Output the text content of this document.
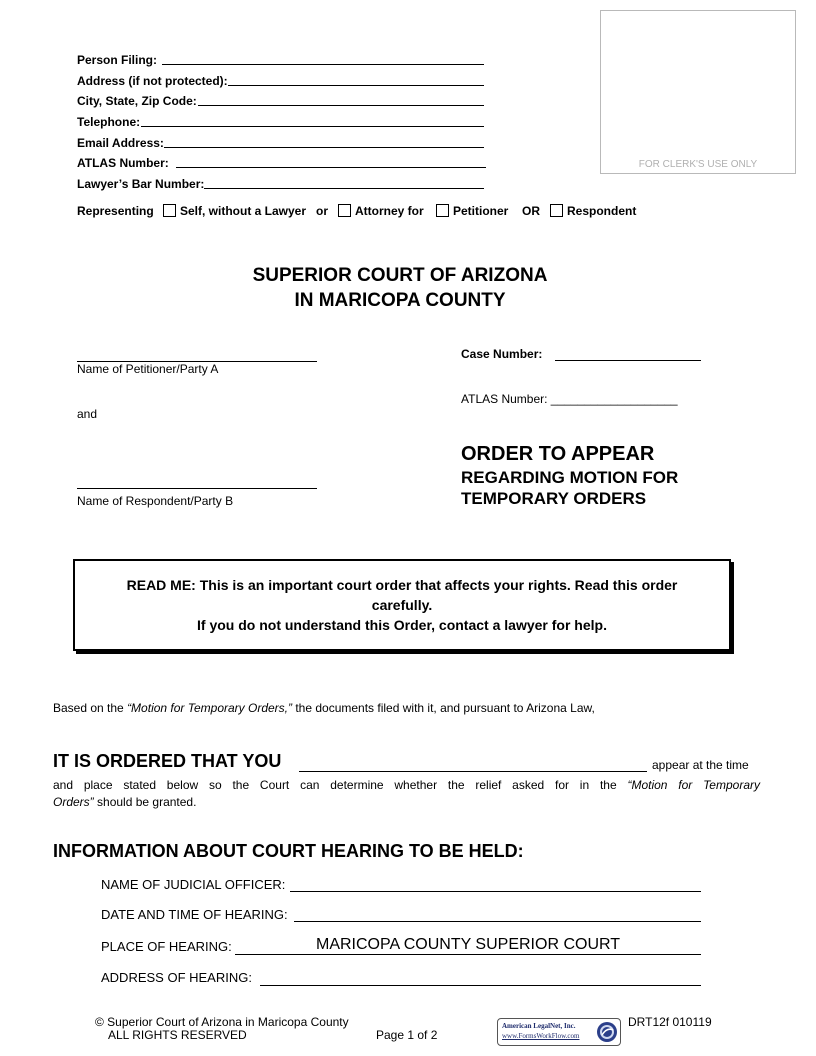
Person Filing:
Address (if not protected):
City, State, Zip Code:
Telephone:
Email Address:
ATLAS Number:
Lawyer’s Bar Number:
FOR CLERK'S USE ONLY
Representing	Self, without a Lawyer or	Attorney for	Petitioner OR	Respondent
SUPERIOR COURT OF ARIZONA
IN MARICOPA COUNTY
Name of Petitioner/Party A
and
Name of Respondent/Party B
Case Number:
ATLAS Number: ___________________
ORDER TO APPEAR
REGARDING MOTION FOR
TEMPORARY ORDERS
READ ME: This is an important court order that affects your rights. Read this order carefully.
If you do not understand this Order, contact a lawyer for help.
Based on the “Motion for Temporary Orders,” the documents filed with it, and pursuant to Arizona Law,
IT IS ORDERED THAT YOU	appear at the time
and place stated below so the Court can determine whether the relief asked for in the “Motion for Temporary
Orders” should be granted.
INFORMATION ABOUT COURT HEARING TO BE HELD:
NAME OF JUDICIAL OFFICER:
DATE AND TIME OF HEARING:
PLACE OF HEARING:	MARICOPA COUNTY SUPERIOR COURT
ADDRESS OF HEARING:
© Superior Court of Arizona in Maricopa County
ALL RIGHTS RESERVED	Page 1 of 2
DRT12f 010119
American LegalNet, Inc.
www.FormsWorkFlow.com
